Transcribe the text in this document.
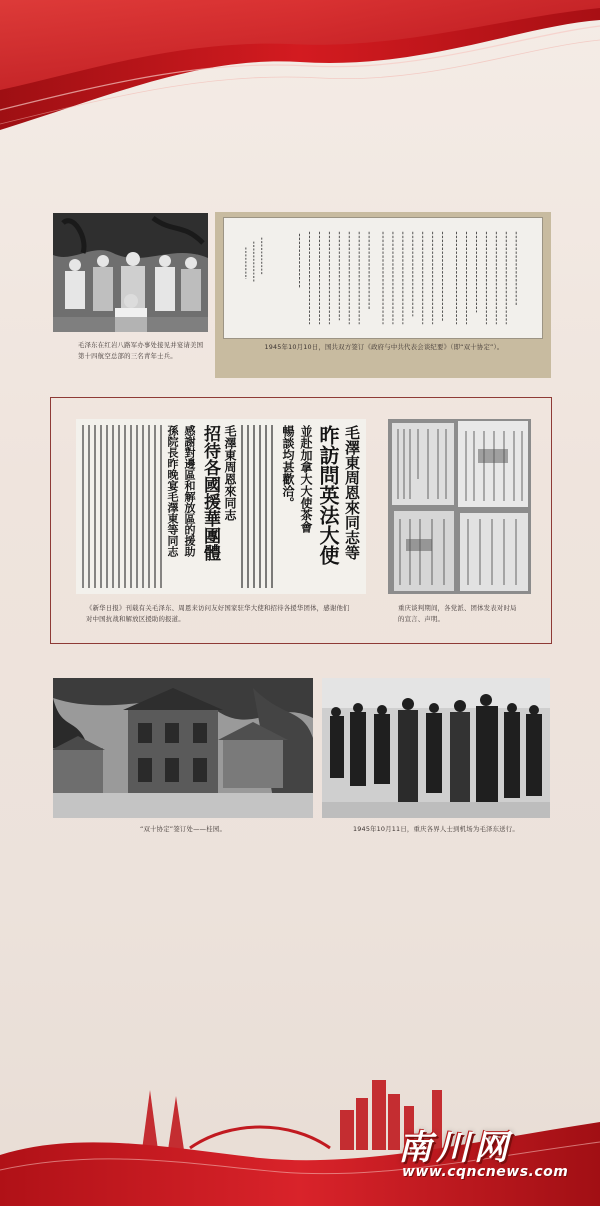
毛泽东在红岩八路军办事处接见并宴请美国第十四航空总部的三名青年士兵。
1945年10月10日，国共双方签订《政府与中共代表会谈纪要》（即“双十协定”）。
毛澤東周恩來同志等
昨訪問英法大使
並赴加拿大大使茶會
暢談均甚歡洽。
毛澤東周恩來同志
招待各國援華團體
感謝對邊區和解放區的援助
孫院長昨晚宴毛澤東等同志
《新华日报》刊载有关毛泽东、周恩来访问友好国家驻华大使和招待各援华团体，感谢他们对中国抗战和解放区援助的报道。
重庆谈判期间，各党派、团体发表对时局的宣言、声明。
“双十协定”签订处——桂园。	1945年10月11日，重庆各界人士到机场为毛泽东送行。
南川网
www.cqncnews.com
